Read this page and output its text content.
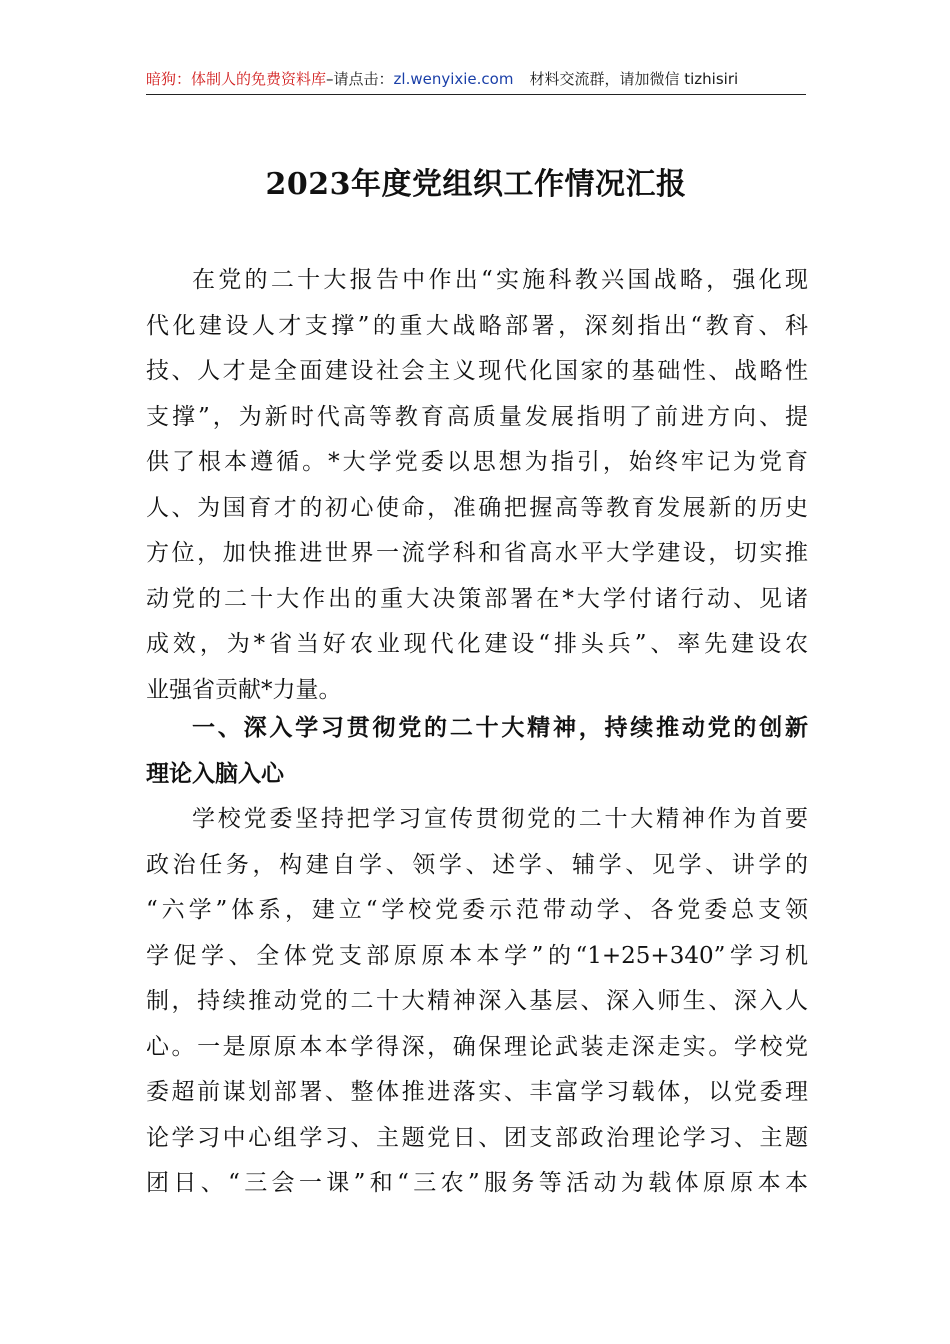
暗狗：体制人的免费资料库–请点击：zl.wenyixie.com 材料交流群，请加微信 tizhisiri
2023年度党组织工作情况汇报
在党的二十大报告中作出“实施科教兴国战略，强化现
代化建设人才支撑”的重大战略部署，深刻指出“教育、科
技、人才是全面建设社会主义现代化国家的基础性、战略性
支撑”，为新时代高等教育高质量发展指明了前进方向、提
供了根本遵循。*大学党委以思想为指引，始终牢记为党育
人、为国育才的初心使命，准确把握高等教育发展新的历史
方位，加快推进世界一流学科和省高水平大学建设，切实推
动党的二十大作出的重大决策部署在*大学付诸行动、见诸
成效，为*省当好农业现代化建设“排头兵”、率先建设农
业强省贡献*力量。
一、深入学习贯彻党的二十大精神，持续推动党的创新
理论入脑入心
学校党委坚持把学习宣传贯彻党的二十大精神作为首要
政治任务，构建自学、领学、述学、辅学、见学、讲学的
“六学”体系，建立“学校党委示范带动学、各党委总支领
学促学、全体党支部原原本本学”的“1+25+340”学习机
制，持续推动党的二十大精神深入基层、深入师生、深入人
心。一是原原本本学得深，确保理论武装走深走实。学校党
委超前谋划部署、整体推进落实、丰富学习载体，以党委理
论学习中心组学习、主题党日、团支部政治理论学习、主题
团日、“三会一课”和“三农”服务等活动为载体原原本本
